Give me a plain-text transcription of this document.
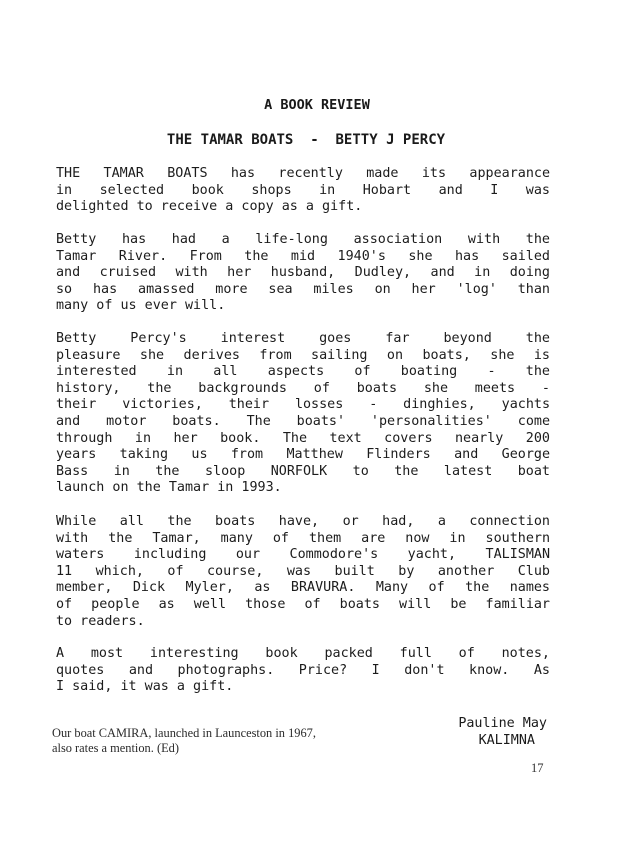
A BOOK REVIEW
THE TAMAR BOATS  -  BETTY J PERCY
THE TAMAR BOATS has recently made its appearance
in selected book shops in Hobart and I was
delighted to receive a copy as a gift.
Betty has had a life-long association with the
Tamar River. From the mid 1940's she has sailed
and cruised with her husband, Dudley, and in doing
so has amassed more sea miles on her 'log' than
many of us ever will.
Betty Percy's interest goes far beyond the
pleasure she derives from sailing on boats, she is
interested in all aspects of boating - the
history, the backgrounds of boats she meets -
their victories, their losses - dinghies, yachts
and motor boats. The boats' 'personalities' come
through in her book. The text covers nearly 200
years taking us from Matthew Flinders and George
Bass in the sloop NORFOLK to the latest boat
launch on the Tamar in 1993.
While all the boats have, or had, a connection
with the Tamar, many of them are now in southern
waters including our Commodore's yacht, TALISMAN
11 which, of course, was built by another Club
member, Dick Myler, as BRAVURA. Many of the names
of people as well those of boats will be familiar
to readers.
A most interesting book packed full of notes,
quotes and photographs. Price? I don't know. As
I said, it was a gift.
Pauline May
KALIMNA
Our boat CAMIRA, launched in Launceston in 1967,
also rates a mention. (Ed)
17
